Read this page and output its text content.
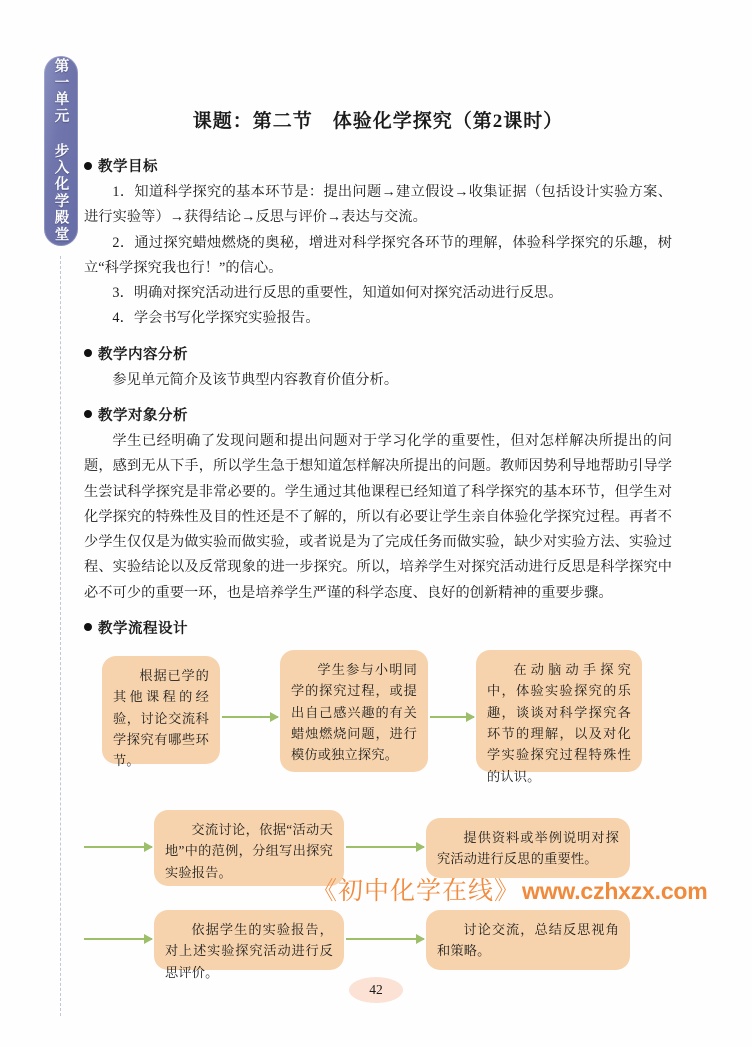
第一单元 步入化学殿堂	课题：第二节　体验化学探究（第2课时）
教学目标

1．知道科学探究的基本环节是：提出问题→建立假设→收集证据（包括设计实验方案、进行实验等）→获得结论→反思与评价→表达与交流。

2．通过探究蜡烛燃烧的奥秘，增进对科学探究各环节的理解，体验科学探究的乐趣，树立“科学探究我也行！”的信心。

3．明确对探究活动进行反思的重要性，知道如何对探究活动进行反思。

4．学会书写化学探究实验报告。

教学内容分析

参见单元简介及该节典型内容教育价值分析。

教学对象分析

学生已经明确了发现问题和提出问题对于学习化学的重要性，但对怎样解决所提出的问题，感到无从下手，所以学生急于想知道怎样解决所提出的问题。教师因势利导地帮助引导学生尝试科学探究是非常必要的。学生通过其他课程已经知道了科学探究的基本环节，但学生对化学探究的特殊性及目的性还是不了解的，所以有必要让学生亲自体验化学探究过程。再者不少学生仅仅是为做实验而做实验，或者说是为了完成任务而做实验，缺少对实验方法、实验过程、实验结论以及反常现象的进一步探究。所以，培养学生对探究活动进行反思是科学探究中必不可少的重要一环，也是培养学生严谨的科学态度、良好的创新精神的重要步骤。

教学流程设计
根据已学的其他课程的经验，讨论交流科学探究有哪些环节。
学生参与小明同学的探究过程，或提出自己感兴趣的有关蜡烛燃烧问题，进行模仿或独立探究。
在动脑动手探究中，体验实验探究的乐趣，谈谈对科学探究各环节的理解，以及对化学实验探究过程特殊性的认识。
交流讨论，依据“活动天地”中的范例，分组写出探究实验报告。
提供资料或举例说明对探究活动进行反思的重要性。
依据学生的实验报告，对上述实验探究活动进行反思评价。
讨论交流，总结反思视角和策略。
《初中化学在线》 www.czhxzx.com
42
